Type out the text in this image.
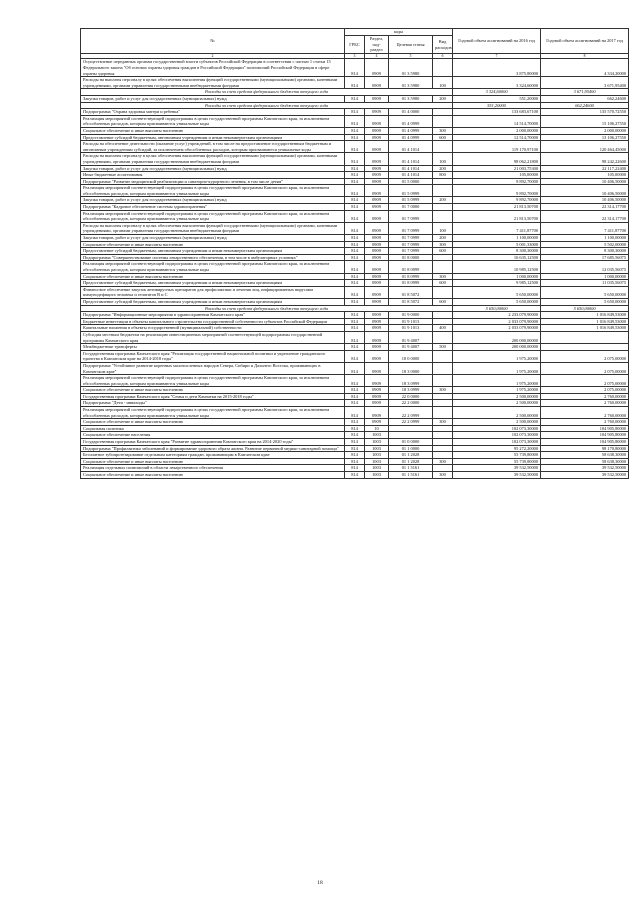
№	коды				Годовой объем ассигнований на 2016 год	Годовой объем ассигнований на 2017 год
	ГРБС	Раздел, под-раздел	Целевая статья	Вид расходов		
2	3	4	5	6	7	8
Осуществление переданных органам государственной власти субъектов Российской Федерации в соответствии с частью 1 статьи 15 Федерального закона "Об основах охраны здоровья граждан в Российской Федерации" полномочий Российской Федерации в сфере охраны здоровья	814	0909	01 3 5980		3 875,80000	4 334,20000
Расходы на выплаты персоналу в целях обеспечения выполнения функций государственными (муниципальными) органами, казенными учреждениями, органами управления государственными внебюджетными фондами	814	0909	01 3 5980	100	3 324,60000	3 671,95400
Расходы за счет средств федерального бюджета текущего года					3 324,60000	3 671,95400
Закупка товаров, работ и услуг для государственных (муниципальных) нужд	814	0909	01 3 5980	200	551,20000	662,24600
Расходы за счет средств федерального бюджета текущего года					551,20000	662,24600
Подпрограмма "Охрана здоровья матери и ребенка"	814	0909	01 4 0000		133 683,67100	135 570,72550
Реализация мероприятий соответствующей подпрограммы в целях государственной программы Камчатского края, за исключением обособленных расходов, которым присваиваются уникальные коды	814	0909	01 4 0999		14 514,70000	15 106,27550
Социальное обеспечение и иные выплаты населению	814	0909	01 4 0999	300	2 000,00000	2 000,00000
Предоставление субсидий бюджетным, автономным учреждениям и иным некоммерческим организациям	814	0909	01 4 0999	600	12 514,70000	13 106,27550
Расходы на обеспечение деятельности (оказание услуг) учреждений, в том числе на предоставление государственным бюджетным и автономным учреждениям субсидий, за исключением обособленных расходов, которым присваиваются уникальные коды	814	0909	01 4 1014		119 170,97100	120 464,45000
Расходы на выплаты персоналу в целях обеспечения выполнения функций государственными (муниципальными) органами, казенными учреждениями, органами управления государственными внебюджетными фондами	814	0909	01 4 1014	100	98 062,21800	98 242,22600
Закупка товаров, работ и услуг для государственных (муниципальных) нужд	814	0909	01 4 1014	200	21 003,75300	22 117,22400
Иные бюджетные ассигнования	814	0909	01 4 1014	800	105,00000	105,00000
Подпрограмма "Развитие медицинской реабилитации и санаторно-курортного лечения, в том числе детям"	814	0909	01 5 0000		9 892,70000	10 406,50000
Реализация мероприятий соответствующей подпрограммы в целях государственной программы Камчатского края, за исключением обособленных расходов, которым присваиваются уникальные коды	814	0909	01 5 0999		9 892,70000	10 406,50000
Закупка товаров, работ и услуг для государственных (муниципальных) нужд	814	0909	01 5 0999	200	9 892,70000	10 406,50000
Подпрограмма "Кадровое обеспечение системы здравоохранения"	814	0909	01 7 0000		21 813,50700	22 314,17700
Реализация мероприятий соответствующей подпрограммы в целях государственной программы Камчатского края, за исключением обособленных расходов, которым присваиваются уникальные коды	814	0909	01 7 0999		21 813,50700	22 314,17700
Расходы на выплаты персоналу в целях обеспечения выполнения функций государственными (муниципальными) органами, казенными учреждениями, органами управления государственными внебюджетными фондами	814	0909	01 7 0999	100	7 411,87700	7 411,87700
Закупка товаров, работ и услуг для государственных (муниципальных) нужд	814	0909	01 7 0999	200	1 100,00000	1 100,00000
Социальное обеспечение и иные выплаты населению	814	0909	01 7 0999	300	5 001,33000	5 502,00000
Предоставление субсидий бюджетным, автономным учреждениям и иным некоммерческим организациям	814	0909	01 7 0999	600	8 300,30000	8 300,30000
Подпрограмма "Совершенствование системы лекарственного обеспечения, в том числе в амбулаторных условиях"	814	0909	01 8 0000		16 635,12500	17 685,56075
Реализация мероприятий соответствующей подпрограммы в целях государственной программы Камчатского края, за исключением обособленных расходов, которым присваиваются уникальные коды	814	0909	01 8 0999		10 985,12500	12 035,56075
Социальное обеспечение и иные выплаты населению	814	0909	01 8 0999	300	1 000,00000	1 000,00000
Предоставление субсидий бюджетным, автономным учреждениям и иным некоммерческим организациям	814	0909	01 8 0999	600	9 985,12500	11 035,56075
Финансовое обеспечение закупок антивирусных препаратов для профилактики и лечения лиц, инфицированных вирусами иммунодефицита человека и гепатитов В и С	814	0909	01 8 5072		5 650,00000	5 650,00000
Предоставление субсидий бюджетным, автономным учреждениям и иным некоммерческим организациям	814	0909	01 8 5072	600	5 650,00000	5 650,00000
Расходы за счет средств федерального бюджета текущего года					5 650,00000	5 650,00000
Подпрограмма "Информационные мероприятия в здравоохранении Камчатского края"	814	0909	01 9 0000		2 233 079,90000	1 016 849,53000
Бюджетные инвестиции в объекты капитального строительства государственной собственности субъектов Российской Федерации	814	0909	01 9 1013		2 033 079,90000	1 016 849,53000
Капитальные вложения в объекты государственной (муниципальной) собственности	814	0909	01 9 1013	400	2 033 079,90000	1 016 849,53000
Субсидия местным бюджетам на реализацию инвестиционных мероприятий соответствующей подпрограммы государственной программы Камчатского края	814	0909	01 9 4007		200 000,00000	
Межбюджетные трансферты	814	0909	01 9 4007	500	200 000,00000	
Государственная программа Камчатского края "Реализация государственной национальной политики и укрепление гражданского единства в Камчатском крае на 2014-2018 годы"	814	0909	18 0 0000		1 975,20000	2 075,00000
Подпрограмма "Устойчивое развитие коренных малочисленных народов Севера, Сибири и Дальнего Востока, проживающих в Камчатском крае"	814	0909	18 3 0000		1 975,20000	2 075,00000
Реализация мероприятий соответствующей подпрограммы в целях государственной программы Камчатского края, за исключением обособленных расходов, которым присваиваются уникальные коды	814	0909	18 3 0999		1 975,20000	2 075,00000
Социальное обеспечение и иные выплаты населению	814	0909	18 3 0999	300	1 975,20000	2 075,00000
Государственная программа Камчатского края "Семья и дети Камчатки на 2015-2018 годы"	814	0909	22 0 0000		2 500,00000	2 760,00000
Подпрограмма "Дети - инвалиды"	814	0909	22 2 0000		2 500,00000	2 760,00000
Реализация мероприятий соответствующей подпрограммы в целях государственной программы Камчатского края, за исключением обособленных расходов, которым присваиваются уникальные коды	814	0909	22 2 0999		2 500,00000	2 760,00000
Социальное обеспечение и иные выплаты населению	814	0909	22 2 0999	300	2 500,00000	2 760,00000
Социальная политика	814	10			102 073,30000	104 905,80000
Социальное обеспечение населения	814	1003			102 073,30000	104 905,80000
Государственная программа Камчатского края "Развитие здравоохранения Камчатского края на 2014-2020 годы"	814	1003	01 0 0000		102 073,30000	104 905,80000
Подпрограмма "Профилактика заболеваний и формирование здорового образа жизни. Развитие первичной медико-санитарной помощи"	814	1003	01 1 0000		95 272,20000	98 170,80000
Бесплатное зубопротезирование отдельным категориям граждан, проживающим в Камчатском крае	814	1003	01 1 2028		55 739,80000	58 638,30000
Социальное обеспечение и иные выплаты населению	814	1003	01 1 2028	300	55 739,80000	58 638,30000
Реализация отдельных полномочий в области лекарственного обеспечения	814	1003	01 1 5161		39 532,50000	39 532,50000
Социальное обеспечение и иные выплаты населению	814	1003	01 1 5161	300	39 532,50000	39 532,50000
18
